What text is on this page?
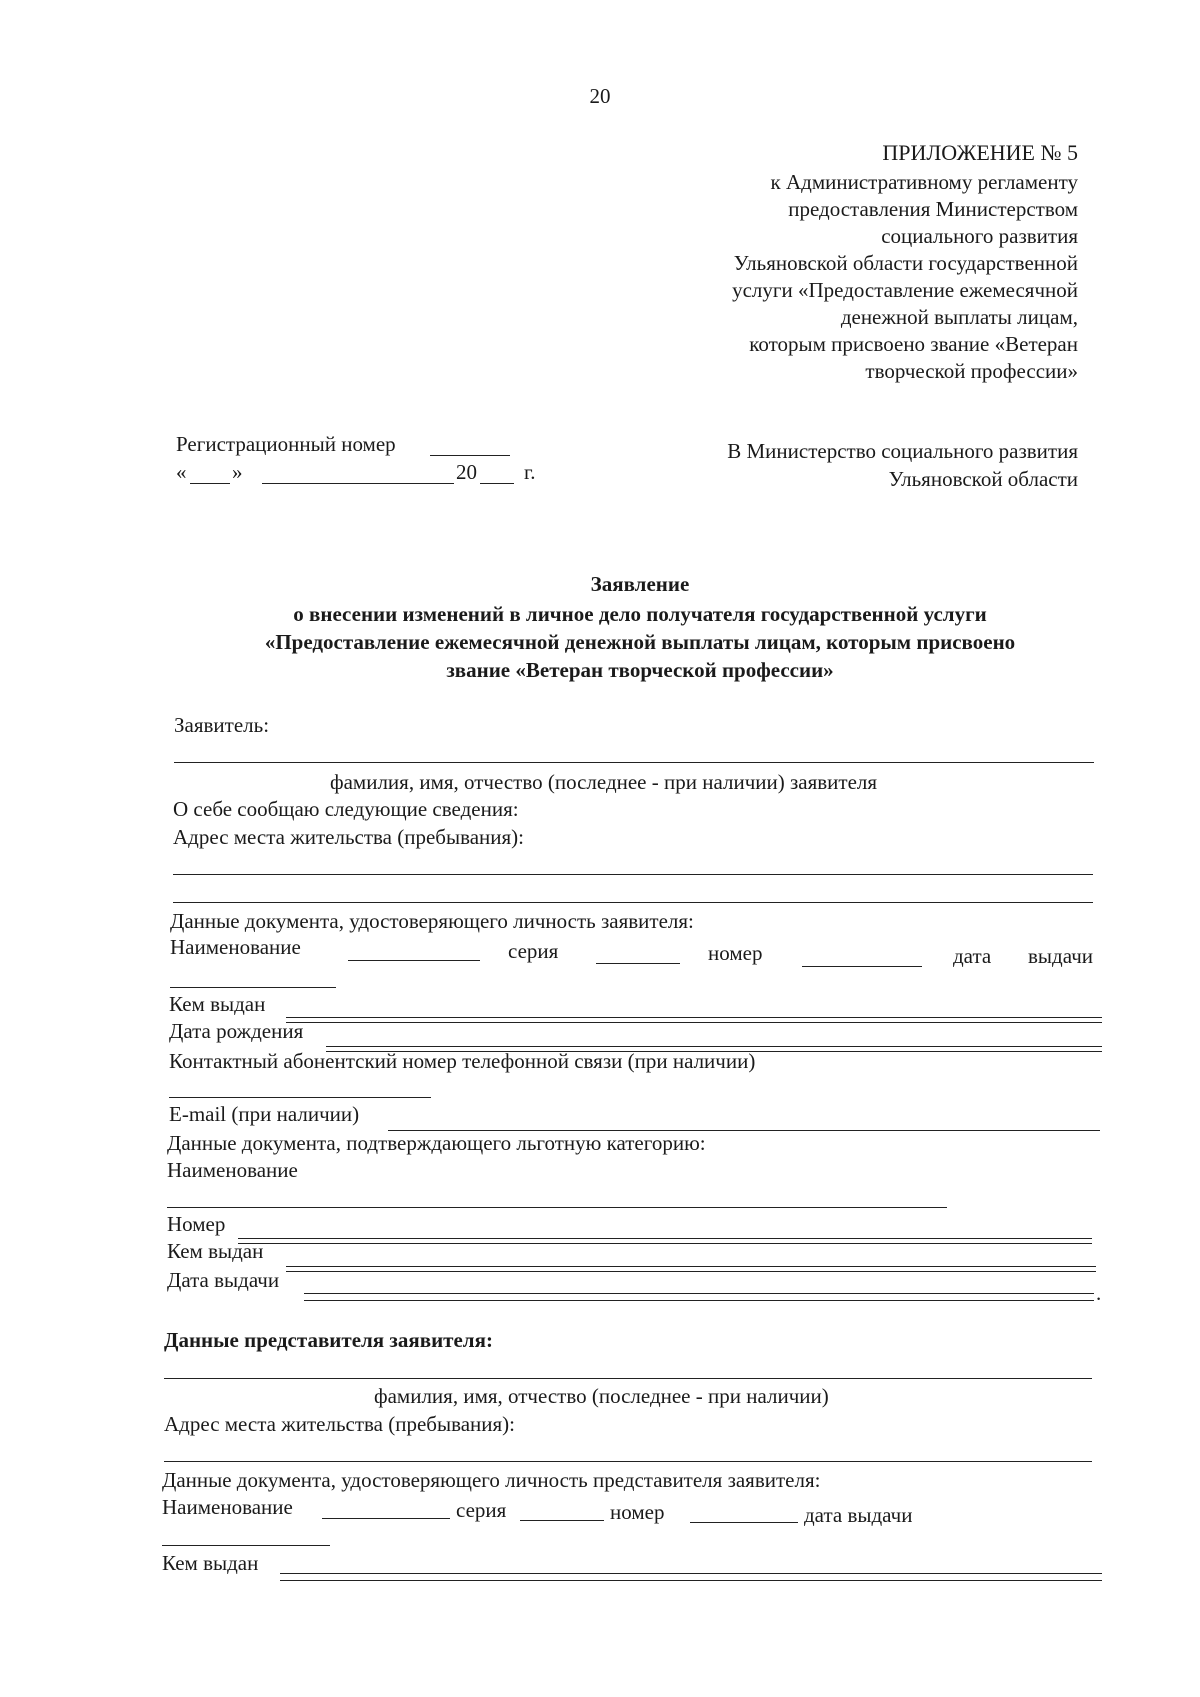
20
ПРИЛОЖЕНИЕ № 5
к Административному регламенту
предоставления Министерством
социального развития
Ульяновской области государственной
услуги «Предоставление ежемесячной
денежной выплаты лицам,
которым присвоено звание «Ветеран
творческой профессии»
Регистрационный номер
« »	20 г.
В Министерство социального развития
Ульяновской области
Заявление
о внесении изменений в личное дело получателя государственной услуги
«Предоставление ежемесячной денежной выплаты лицам, которым присвоено
звание «Ветеран творческой профессии»
Заявитель:
фамилия, имя, отчество (последнее - при наличии) заявителя
О себе сообщаю следующие сведения:
Адрес места жительства (пребывания):
Данные документа, удостоверяющего личность заявителя:
Наименование	серия	номер	дата выдачи
Кем выдан
Дата рождения
Контактный абонентский номер телефонной связи (при наличии)
E-mail (при наличии)
Данные документа, подтверждающего льготную категорию:
Наименование
Номер
Кем выдан
Дата выдачи
.
Данные представителя заявителя:
фамилия, имя, отчество (последнее - при наличии)
Адрес места жительства (пребывания):
Данные документа, удостоверяющего личность представителя заявителя:
Наименование	серия	номер	дата выдачи
Кем выдан
